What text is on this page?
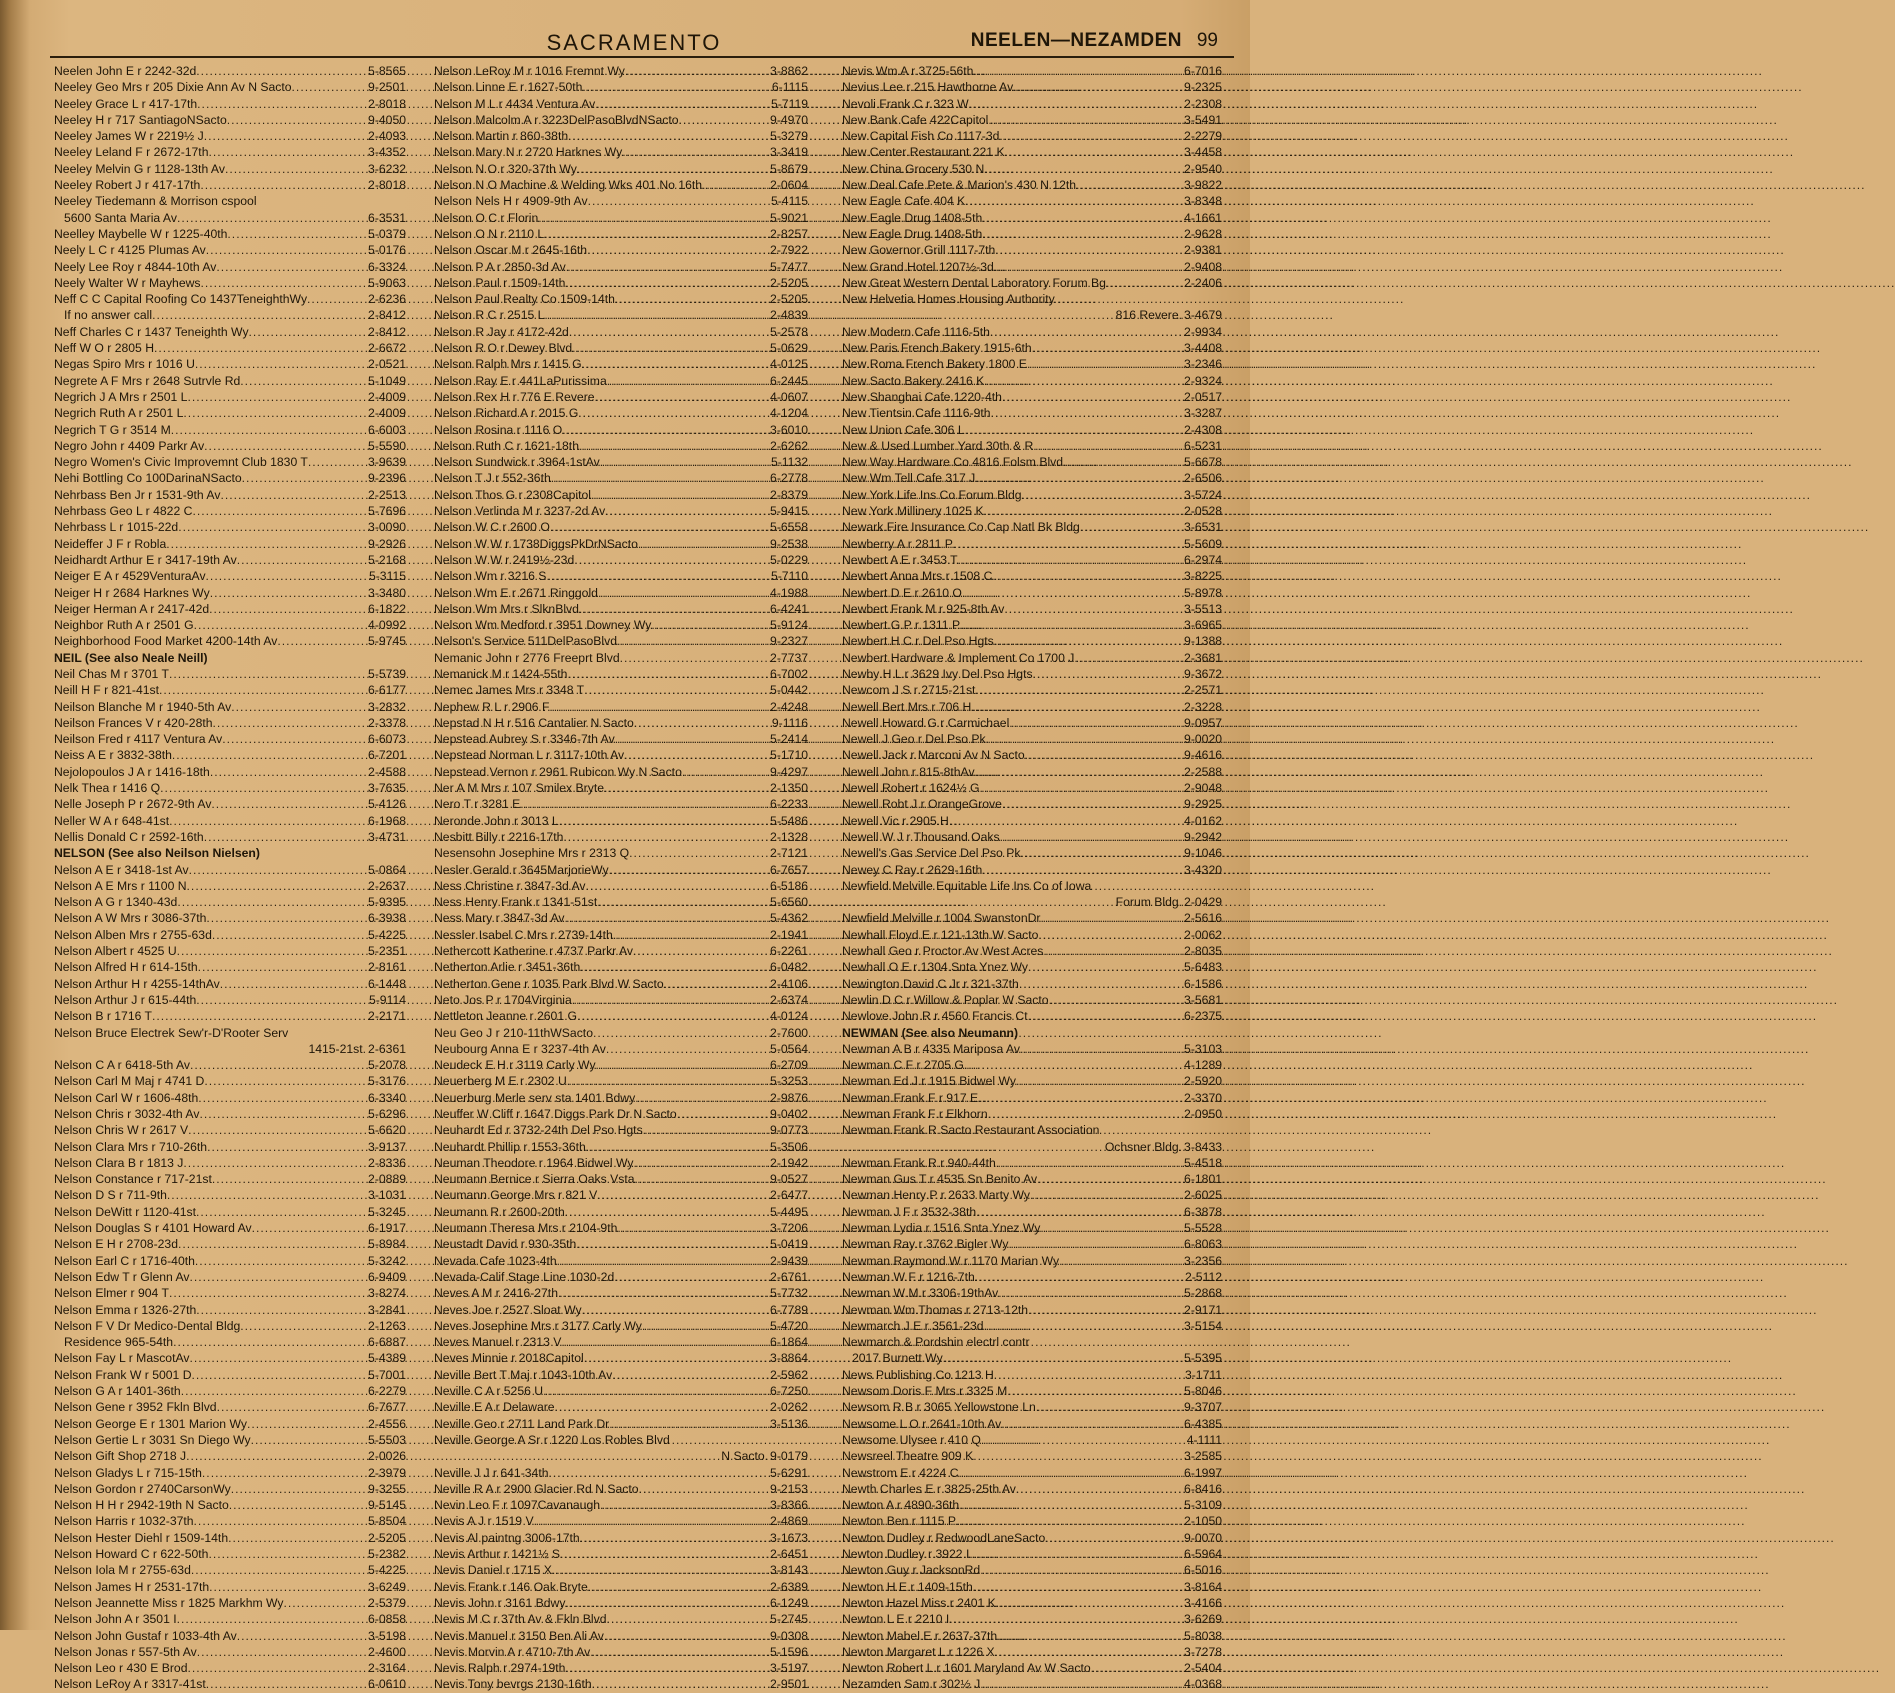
SACRAMENTO	NEELEN—NEZAMDEN 99
Neelen John E r 2242-32d .....	5-8565
Neeley Geo Mrs r 205 Dixie Ann Av N Sacto .....	9-2501
Neeley Grace L r 417-17th .....	2-8018
Neeley H r 717 SantiagoNSacto .....	9-4050
Neeley James W r 2219½ J .....	2-4093
Neeley Leland F r 2672-17th .....	3-4352
Neeley Melvin G r 1128-13th Av .....	3-6232
Neeley Robert J r 417-17th .....	2-8018
Neeley Tiedemann & Morrison cspool
5600 Santa Maria Av .....	6-3531
Neelley Maybelle W r 1225-40th .....	5-0379
Neely L C r 4125 Plumas Av .....	5-0176
Neely Lee Roy r 4844-10th Av .....	6-3324
Neely Walter W r Mayhews .....	5-9063
Neff C C Capital Roofing Co 1437TeneighthWy .....	2-6236
If no answer call .....	2-8412
Neff Charles C r 1437 Teneighth Wy .....	2-8412
Neff W O r 2805 H .....	2-6672
Negas Spiro Mrs r 1016 U .....	2-0521
Negrete A F Mrs r 2648 Sutrvle Rd .....	5-1049
Negrich J A Mrs r 2501 L .....	2-4009
Negrich Ruth A r 2501 L .....	2-4009
Negrich T G r 3514 M .....	6-6003
Negro John r 4409 Parkr Av .....	5-5590
Negro Women's Civic Improvemnt Club 1830 T .....	3-9639
Nehi Bottling Co 100DarinaNSacto .....	9-2396
Nehrbass Ben Jr r 1531-9th Av .....	2-2513
Nehrbass Geo L r 4822 C .....	5-7696
Nehrbass L r 1015-22d .....	3-0090
Neideffer J F r Robla .....	9-2926
Neidhardt Arthur E r 3417-19th Av .....	5-2168
Neiger E A r 4529VenturaAv .....	5-3115
Neiger H r 2684 Harknes Wy .....	3-3480
Neiger Herman A r 2417-42d .....	6-1822
Neighbor Ruth A r 2501 G .....	4-0992
Neighborhood Food Market 4200-14th Av .....	5-9745
NEIL (See also Neale Neill)
Neil Chas M r 3701 T .....	5-5739
Neill H F r 821-41st .....	6-6177
Neilson Blanche M r 1940-5th Av .....	3-2832
Neilson Frances V r 420-28th .....	2-3378
Neilson Fred r 4117 Ventura Av .....	6-6073
Neiss A E r 3832-38th .....	6-7201
Nejolopoulos J A r 1416-18th .....	2-4588
Nelk Thea r 1416 Q .....	3-7635
Nelle Joseph P r 2672-9th Av .....	5-4126
Neller W A r 648-41st .....	6-1968
Nellis Donald C r 2592-16th .....	3-4731
NELSON (See also Neilson Nielsen)
Nelson A E r 3418-1st Av .....	5-0864
Nelson A E Mrs r 1100 N .....	2-2637
Nelson A G r 1340-43d .....	5-9395
Nelson A W Mrs r 3086-37th .....	6-3938
Nelson Alben Mrs r 2755-63d .....	5-4225
Nelson Albert r 4525 U .....	5-2351
Nelson Alfred H r 614-15th .....	2-8161
Nelson Arthur H r 4255-14thAv .....	6-1448
Nelson Arthur J r 615-44th .....	5-9114
Nelson B r 1716 T .....	2-2171
Nelson Bruce Electrek Sew'r-D'Rooter Serv
1415-21st . 2-6361
Nelson C A r 6418-5th Av .....	5-2078
Nelson Carl M Maj r 4741 D .....	5-3176
Nelson Carl W r 1606-48th .....	6-3340
Nelson Chris r 3032-4th Av .....	5-6296
Nelson Chris W r 2617 V .....	5-6620
Nelson Clara Mrs r 710-26th .....	3-9137
Nelson Clara B r 1813 J .....	2-8336
Nelson Constance r 717-21st .....	2-0889
Nelson D S r 711-9th .....	3-1031
Nelson DeWitt r 1120-41st .....	5-3245
Nelson Douglas S r 4101 Howard Av .....	6-1917
Nelson E H r 2708-23d .....	5-8984
Nelson Earl C r 1716-40th .....	5-3242
Nelson Edw T r Glenn Av .....	6-9409
Nelson Elmer r 904 T .....	3-8274
Nelson Emma r 1326-27th .....	3-2841
Nelson F V Dr Medico-Dental Bldg .....	2-1263
Residence 965-54th .....	6-6887
Nelson Fay L r MascotAv .....	5-4389
Nelson Frank W r 5001 D .....	5-7001
Nelson G A r 1401-36th .....	6-2279
Nelson Gene r 3952 Fkln Blvd .....	6-7677
Nelson George E r 1301 Marion Wy .....	2-4556
Nelson Gertie L r 3031 Sn Diego Wy .....	5-5503
Nelson Gift Shop 2718 J .....	2-0026
Nelson Gladys L r 715-15th .....	2-3979
Nelson Gordon r 2740CarsonWy .....	9-3255
Nelson H H r 2942-19th N Sacto .....	9-5145
Nelson Harris r 1032-37th .....	5-8504
Nelson Hester Diehl r 1509-14th .....	2-5205
Nelson Howard C r 622-50th .....	5-2382
Nelson Iola M r 2755-63d .....	5-4225
Nelson James H r 2531-17th .....	3-6249
Nelson Jeannette Miss r 1825 Markhm Wy .....	2-5379
Nelson John A r 3501 I .....	6-0858
Nelson John Gustaf r 1033-4th Av .....	3-5198
Nelson Jonas r 557-5th Av .....	2-4600
Nelson Leo r 430 E Brod .....	2-3164
Nelson LeRoy A r 3317-41st .....	6-0610
Nelson LeRoy M r 1016 Fremnt Wy .....	3-8862
Nelson Linne E r 1627-50th .....	6-1115
Nelson M L r 4434 Ventura Av .....	5-7119
Nelson Malcolm A r 3223DelPasoBlvdNSacto .....	9-4970
Nelson Martin r 860-38th .....	5-3279
Nelson Mary N r 2720 Harknes Wy .....	3-3419
Nelson N O r 320-37th Wy .....	5-8679
Nelson N O Machine & Welding Wks 401 No 16th .....	2-0604
Nelson Nels H r 4909-9th Av .....	5-4115
Nelson O C r Florin .....	5-9021
Nelson O N r 2110 L .....	2-8257
Nelson Oscar M r 2645-16th .....	2-7922
Nelson P A r 2850-3d Av .....	5-7477
Nelson Paul r 1509-14th .....	2-5205
Nelson Paul Realty Co 1509-14th .....	2-5205
Nelson R C r 2515 L .....	2-4839
Nelson R Jay r 4172-42d .....	5-2578
Nelson R O r Dewey Blvd .....	5-0629
Nelson Ralph Mrs r 1415 G .....	4-0125
Nelson Ray E r 441LaPurissima .....	6-2445
Nelson Rex H r 776 E Revere .....	4-0607
Nelson Richard A r 2015 G .....	4-1204
Nelson Rosina r 1116 O .....	3-6010
Nelson Ruth C r 1621-18th .....	2-6262
Nelson Sundwick r 3964-1stAv .....	5-1132
Nelson T J r 552-36th .....	6-2778
Nelson Thos G r 2308Capitol .....	2-8379
Nelson Verlinda M r 3237-2d Av .....	5-9415
Nelson W C r 2600 O .....	5-6558
Nelson W W r 1738DiggsPkDrNSacto .....	9-2538
Nelson W W r 2419½-23d .....	5-0229
Nelson Wm r 3216 S .....	5-7110
Nelson Wm E r 2671 Ringgold .....	4-1988
Nelson Wm Mrs r SlknBlvd .....	6-4241
Nelson Wm Medford r 3951 Downey Wy .....	5-9124
Nelson's Service 511DelPasoBlvd .....	9-2327
Nemanic John r 2776 Freeprt Blvd .....	2-7737
Nemanick M r 1424-55th .....	6-7002
Nemec James Mrs r 3348 T .....	5-0442
Nephew R L r 2906 F .....	2-4248
Nepstad N H r 516 Cantalier N Sacto .....	9-1116
Nepstead Aubrey S r 3346-7th Av .....	5-2414
Nepstead Norman L r 3117-10th Av .....	5-1710
Nepstead Vernon r 2961 Rubicon Wy N Sacto .....	9-4297
Ner A M Mrs r 107 Smilex Bryte .....	2-1350
Nero T r 3281 E .....	6-2233
Neronde John r 3013 L .....	5-5486
Nesbitt Billy r 2216-17th .....	2-1328
Nesensohn Josephine Mrs r 2313 Q .....	2-7121
Nesler Gerald r 3645MarjorieWy .....	6-7657
Ness Christine r 3847-3d Av .....	6-5186
Ness Henry Frank r 1341-51st .....	5-6560
Ness Mary r 3847-3d Av .....	5-4362
Nessler Isabel C Mrs r 2739-14th .....	2-1941
Nethercott Katherine r 4737 Parkr Av .....	6-2261
Netherton Arlie r 3451-36th .....	6-0482
Netherton Gene r 1035 Park Blvd W Sacto .....	2-4106
Neto Jos P r 1704Virginia .....	2-6374
Nettleton Jeanne r 2601 G .....	4-0124
Neu Geo J r 210-11thWSacto .....	2-7600
Neubourg Anna E r 3237-4th Av .....	5-0564
Neudeck E H r 3119 Carly Wy .....	6-2709
Neuerberg M E r 2302 U .....	5-3253
Neuerburg Merle serv sta 1401 Bdwy .....	2-9876
Neuffer W Cliff r 1647 Diggs Park Dr N Sacto .....	9-0402
Neuhardt Ed r 3732-24th Del Pso Hgts .....	9-0773
Neuhardt Phillip r 1553-36th .....	5-3506
Neuman Theodore r 1964 Bidwel Wy .....	2-1942
Neumann Bernice r Sierra Oaks Vsta .....	9-0527
Neumann George Mrs r 821 V .....	2-6477
Neumann R r 2600-20th .....	5-4495
Neumann Theresa Mrs r 2104-9th .....	3-7206
Neustadt David r 930-35th .....	5-0419
Nevada Cafe 1023-4th .....	2-9439
Nevada-Calif Stage Line 1030-2d .....	2-6761
Neves A M r 2416-27th .....	5-7732
Neves Joe r 2527 Sloat Wy .....	6-7789
Neves Josephine Mrs r 3177 Carly Wy .....	5-4720
Neves Manuel r 2313 V .....	6-1864
Neves Minnie r 2018Capitol .....	3-8864
Neville Bert T Maj r 1043-10th Av .....	2-5962
Neville C A r 5256 U .....	6-7250
Neville E A r Delaware .....	2-0262
Neville Geo r 2711 Land Park Dr .....	3-5136
Neville George A Sr r 1220 Los Robles Blvd
N Sacto . 9-0179
Neville J J r 641-34th .....	5-6291
Neville R A r 2900 Glacier Rd N Sacto .....	9-2153
Nevin Leo F r 1097Cavanaugh .....	3-8366
Nevis A J r 1519 V .....	2-4869
Nevis Al paintng 3006-17th .....	3-1673
Nevis Arthur r 1421½ S .....	2-6451
Nevis Daniel r 1715 X .....	3-8143
Nevis Frank r 146 Oak Bryte .....	2-6389
Nevis John r 3161 Bdwy .....	6-1249
Nevis M C r 37th Av & Fkln Blvd .....	5-2745
Nevis Manuel r 3150 Ben Ali Av .....	9-0308
Nevis Morvin A r 4710-7th Av .....	5-1596
Nevis Ralph r 2974-19th .....	3-5197
Nevis Tony bevrgs 2130-16th .....	2-9501
Nevis Wm A r 3725-56th .....	6-7016
Nevius Lee r 215 Hawthorne Av .....	9-2325
Nevoli Frank C r 323 W .....	2-2308
New Bank Cafe 422Capitol .....	3-5491
New Capital Fish Co 1117-3d .....	2-2279
New Center Restaurant 221 K .....	3-4458
New China Grocery 530 N .....	2-9540
New Deal Cafe Pete & Marion's 430 N 12th .....	3-9822
New Eagle Cafe 404 K .....	3-8348
New Eagle Drug 1408-5th .....	4-1661
New Eagle Drug 1408-5th .....	2-9628
New Governor Grill 1117-7th .....	2-9381
New Grand Hotel 1207½-3d .....	2-9408
New Great Western Dental Laboratory Forum Bg .....	2-2406
New Helvetia Homes Housing Authority
816 Revere . 3-4679
New Modern Cafe 1116-5th .....	2-9934
New Paris French Bakery 1915-6th .....	3-4408
New Roma French Bakery 1800 E .....	3-2346
New Sacto Bakery 2416 K .....	2-9324
New Shanghai Cafe 1220-4th .....	2-0517
New Tientsin Cafe 1116-9th .....	3-3287
New Union Cafe 306 L .....	2-4308
New & Used Lumber Yard 30th & R .....	6-5231
New Way Hardware Co 4816 Folsm Blvd .....	5-6678
New Wm Tell Cafe 317 J .....	2-6506
New York Life Ins Co Forum Bldg .....	3-5724
New York Millinery 1025 K .....	2-0528
Newark Fire Insurance Co Cap Natl Bk Bldg .....	3-6531
Newberry A r 2811 P .....	5-5609
Newbert A E r 3453 T .....	6-2974
Newbert Anna Mrs r 1508 C .....	3-8225
Newbert D E r 2610 O .....	5-8978
Newbert Frank M r 925-8th Av .....	3-5513
Newbert G P r 1311 P .....	3-6965
Newbert H C r Del Pso Hgts .....	9-1388
Newbert Hardware & Implement Co 1700 J .....	2-3681
Newby H L r 3629 Ivy Del Pso Hgts .....	9-3672
Newcom J S r 2715-21st .....	2-2571
Newell Bert Mrs r 706 H .....	2-3228
Newell Howard G r Carmichael .....	9-0957
Newell J Geo r Del Pso Pk .....	9-0020
Newell Jack r Marconi Av N Sacto .....	9-4616
Newell John r 815-8thAv .....	2-2588
Newell Robert r 1624½ G .....	2-9048
Newell Robt J r OrangeGrove .....	9-2925
Newell Vic r 2905 H .....	4-0162
Newell W J r Thousand Oaks .....	9-2942
Newell's Gas Service Del Pso Pk .....	9-1046
Newey C Ray r 2629-16th .....	3-4320
Newfield Melville Equitable Life Ins Co of Iowa
Forum Bldg . 2-0429
Newfield Melville r 1004 SwanstonDr .....	2-5616
Newhall Floyd E r 121-13th W Sacto .....	2-0062
Newhall Geo r Proctor Av West Acres .....	2-8035
Newhall O E r 1304 Snta Ynez Wy .....	5-6483
Newington David C Jr r 321-37th .....	6-1586
Newlin D C r Willow & Poplar W Sacto .....	3-5681
Newlove John R r 4560 Francis Ct .....	6-2375
NEWMAN (See also Neumann)
Newman A B r 4335 Mariposa Av .....	5-3103
Newman C F r 2705 G .....	4-1289
Newman Ed J r 1915 Bidwel Wy .....	2-5920
Newman Frank F r 917 E .....	2-3370
Newman Frank F r Elkhorn .....	2-0950
Newman Frank R Sacto Restaurant Association
Ochsner Bldg . 3-8433
Newman Frank R r 940-44th .....	5-4518
Newman Gus T r 4535 Sn Benito Av .....	6-1801
Newman Henry P r 2633 Marty Wy .....	2-6025
Newman J F r 3532-38th .....	6-3878
Newman Lydia r 1516 Snta Ynez Wy .....	5-5528
Newman Ray r 3762 Bigler Wy .....	6-8063
Newman Raymond W r 1170 Marian Wy .....	3-2356
Newman W F r 1216-7th .....	2-5112
Newman W M r 3306-19thAv .....	5-2868
Newman Wm Thomas r 2713-12th .....	2-9171
Newmarch J E r 3561-23d .....	3-5154
Newmarch & Pordshin electrl contr
2017 Burnett Wy .....	5-5395
News Publishing Co 1213 H .....	3-1711
Newsom Doris F Mrs r 3325 M .....	5-8046
Newsom R B r 3065 Yellowstone Ln .....	9-3707
Newsome L O r 2641-10th Av .....	6-4385
Newsome Ulysee r 410 Q .....	4-1111
Newsreel Theatre 909 K .....	3-2585
Newstrom E r 4224 C .....	6-1997
Newth Charles E r 3825-25th Av .....	6-8416
Newton A r 4890-36th .....	5-3109
Newton Ben r 1115 P .....	2-1050
Newton Dudley r RedwoodLaneSacto .....	9-0070
Newton Dudley r 3922 I .....	6-5964
Newton Guy r JacksonRd .....	6-5016
Newton H E r 1409-15th .....	3-8164
Newton Hazel Miss r 2401 K .....	3-4166
Newton L E r 2210 I .....	3-6269
Newton Mabel E r 2637-37th .....	5-8038
Newton Margaret L r 1226 X .....	3-7278
Newton Robert L r 1601 Maryland Av W Sacto .....	2-5404
Nezamden Sam r 302½ J .....	4-0368
